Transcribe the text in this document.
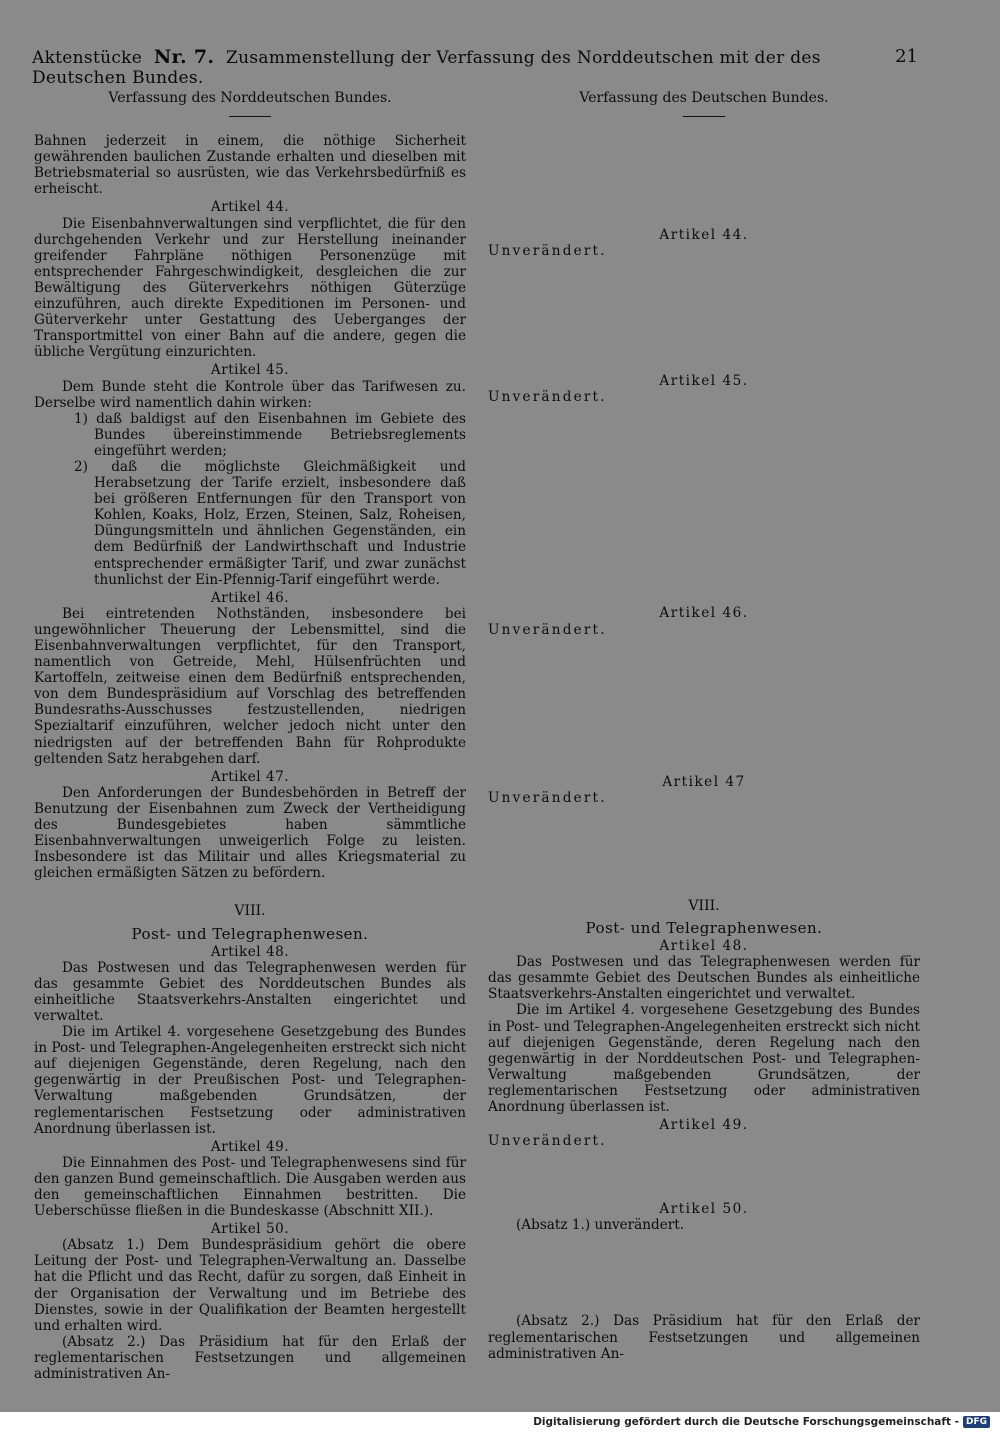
Aktenstücke Nr. 7. Zusammenstellung der Verfassung des Norddeutschen mit der des Deutschen Bundes.
21
Verfassung des Norddeutschen Bundes.

Bahnen jederzeit in einem, die nöthige Sicherheit gewährenden baulichen Zustande erhalten und dieselben mit Betriebsmaterial so ausrüsten, wie das Verkehrsbedürfniß es erheischt.

Artikel 44.

Die Eisenbahnverwaltungen sind verpflichtet, die für den durchgehenden Verkehr und zur Herstellung ineinander greifender Fahrpläne nöthigen Personenzüge mit entsprechender Fahrgeschwindigkeit, desgleichen die zur Bewältigung des Güterverkehrs nöthigen Güterzüge einzuführen, auch direkte Expeditionen im Personen- und Güterverkehr unter Gestattung des Ueberganges der Transportmittel von einer Bahn auf die andere, gegen die übliche Vergütung einzurichten.

Artikel 45.

Dem Bunde steht die Kontrole über das Tarifwesen zu. Derselbe wird namentlich dahin wirken:

1) daß baldigst auf den Eisenbahnen im Gebiete des Bundes übereinstimmende Betriebsreglements eingeführt werden;

2) daß die möglichste Gleichmäßigkeit und Herabsetzung der Tarife erzielt, insbesondere daß bei größeren Entfernungen für den Transport von Kohlen, Koaks, Holz, Erzen, Steinen, Salz, Roheisen, Düngungsmitteln und ähnlichen Gegenständen, ein dem Bedürfniß der Landwirthschaft und Industrie entsprechender ermäßigter Tarif, und zwar zunächst thunlichst der Ein-Pfennig-Tarif eingeführt werde.

Artikel 46.

Bei eintretenden Nothständen, insbesondere bei ungewöhnlicher Theuerung der Lebensmittel, sind die Eisenbahnverwaltungen verpflichtet, für den Transport, namentlich von Getreide, Mehl, Hülsenfrüchten und Kartoffeln, zeitweise einen dem Bedürfniß entsprechenden, von dem Bundespräsidium auf Vorschlag des betreffenden Bundesraths-Ausschusses festzustellenden, niedrigen Spezialtarif einzuführen, welcher jedoch nicht unter den niedrigsten auf der betreffenden Bahn für Rohprodukte geltenden Satz herabgehen darf.

Artikel 47.

Den Anforderungen der Bundesbehörden in Betreff der Benutzung der Eisenbahnen zum Zweck der Vertheidigung des Bundesgebietes haben sämmtliche Eisenbahnverwaltungen unweigerlich Folge zu leisten. Insbesondere ist das Militair und alles Kriegsmaterial zu gleichen ermäßigten Sätzen zu befördern.

VIII.
Post- und Telegraphenwesen.
Artikel 48.

Das Postwesen und das Telegraphenwesen werden für das gesammte Gebiet des Norddeutschen Bundes als einheitliche Staatsverkehrs-Anstalten eingerichtet und verwaltet.

Die im Artikel 4. vorgesehene Gesetzgebung des Bundes in Post- und Telegraphen-Angelegenheiten erstreckt sich nicht auf diejenigen Gegenstände, deren Regelung, nach den gegenwärtig in der Preußischen Post- und Telegraphen-Verwaltung maßgebenden Grundsätzen, der reglementarischen Festsetzung oder administrativen Anordnung überlassen ist.

Artikel 49.

Die Einnahmen des Post- und Telegraphenwesens sind für den ganzen Bund gemeinschaftlich. Die Ausgaben werden aus den gemeinschaftlichen Einnahmen bestritten. Die Ueberschüsse fließen in die Bundeskasse (Abschnitt XII.).

Artikel 50.

(Absatz 1.) Dem Bundespräsidium gehört die obere Leitung der Post- und Telegraphen-Verwaltung an. Dasselbe hat die Pflicht und das Recht, dafür zu sorgen, daß Einheit in der Organisation der Verwaltung und im Betriebe des Dienstes, sowie in der Qualifikation der Beamten hergestellt und erhalten wird.

(Absatz 2.) Das Präsidium hat für den Erlaß der reglementarischen Festsetzungen und allgemeinen administrativen An-

Verfassung des Deutschen Bundes.
Artikel 44.

Unverändert.

Artikel 45.

Unverändert.

Artikel 46.

Unverändert.

Artikel 47

Unverändert.

VIII.
Post- und Telegraphenwesen.
Artikel 48.

Das Postwesen und das Telegraphenwesen werden für das gesammte Gebiet des Deutschen Bundes als einheitliche Staatsverkehrs-Anstalten eingerichtet und verwaltet.

Die im Artikel 4. vorgesehene Gesetzgebung des Bundes in Post- und Telegraphen-Angelegenheiten erstreckt sich nicht auf diejenigen Gegenstände, deren Regelung nach den gegenwärtig in der Norddeutschen Post- und Telegraphen-Verwaltung maßgebenden Grundsätzen, der reglementarischen Festsetzung oder administrativen Anordnung überlassen ist.

Artikel 49.

Unverändert.

Artikel 50.

(Absatz 1.) unverändert.

(Absatz 2.) Das Präsidium hat für den Erlaß der reglementarischen Festsetzungen und allgemeinen administrativen An-

Digitalisierung gefördert durch die Deutsche Forschungsgemeinschaft - DFG
